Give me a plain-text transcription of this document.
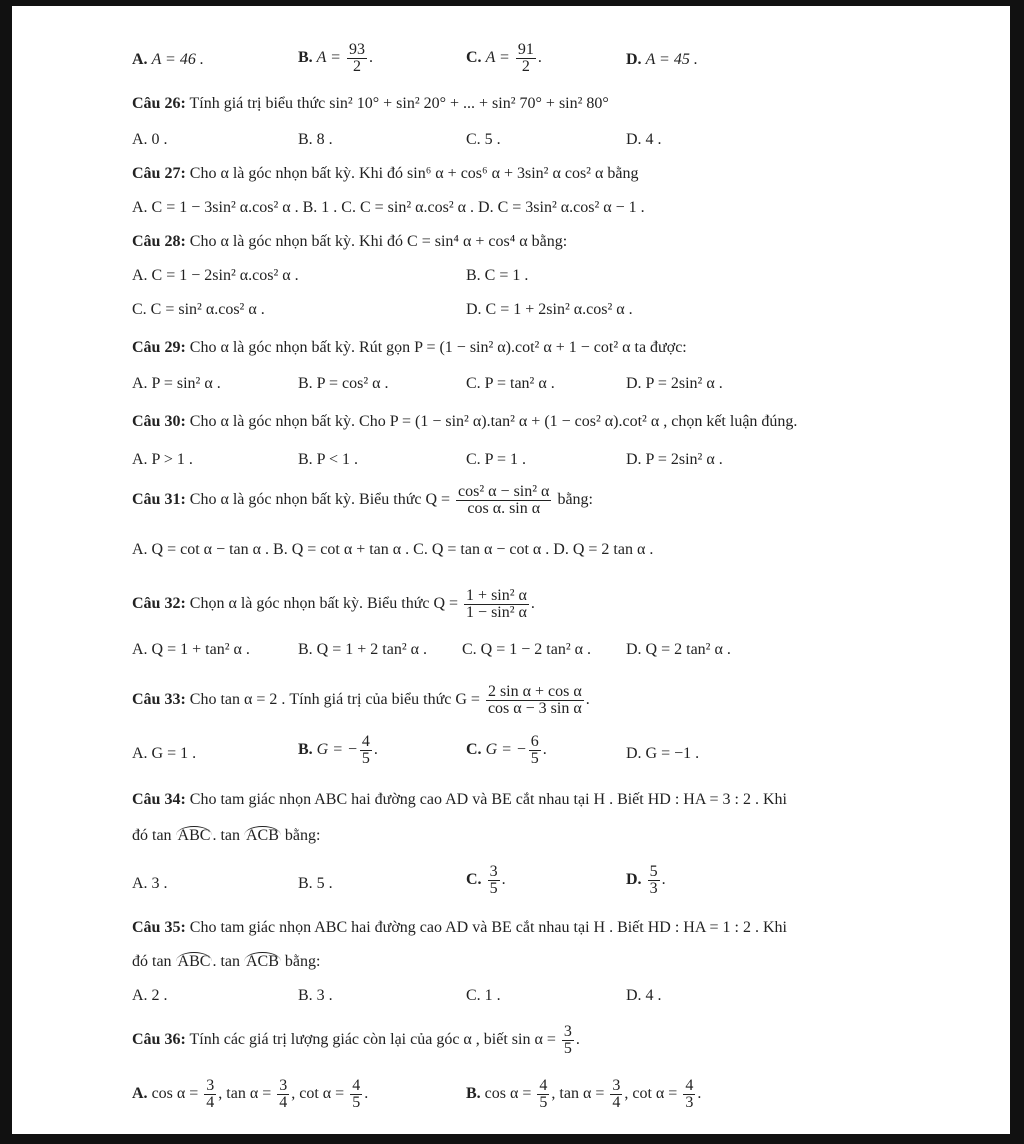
A. A = 46 .	B. $A = \frac{93}{2}$ .	C. $A = \frac{91}{2}$ .	D. A = 45 .
Câu 26: Tính giá trị biểu thức sin² 10° + sin² 20° + ... + sin² 70° + sin² 80°
A. 0 .	B. 8 .	C. 5 .	D. 4 .
Câu 27: Cho α là góc nhọn bất kỳ. Khi đó sin⁶ α + cos⁶ α + 3sin² α cos² α bằng
A. C = 1 − 3sin² α.cos² α . B. 1 . C. C = sin² α.cos² α . D. C = 3sin² α.cos² α − 1 .
Câu 28: Cho α là góc nhọn bất kỳ. Khi đó C = sin⁴ α + cos⁴ α bằng:
A. C = 1 − 2sin² α.cos² α .	B. C = 1 .
C. C = sin² α.cos² α .	D. C = 1 + 2sin² α.cos² α .
Câu 29: Cho α là góc nhọn bất kỳ. Rút gọn P = (1 − sin² α).cot² α + 1 − cot² α ta được:
A. P = sin² α .	B. P = cos² α .	C. P = tan² α .	D. P = 2sin² α .
Câu 30: Cho α là góc nhọn bất kỳ. Cho P = (1 − sin² α).tan² α + (1 − cos² α).cot² α , chọn kết luận đúng.
A. P > 1 .	B. P < 1 .	C. P = 1 .	D. P = 2sin² α .
Câu 31: Cho α là góc nhọn bất kỳ. Biểu thức $Q = \frac{\text{cos² α − sin² α}}{\text{cos α. sin α}}$ bằng:
A. Q = cot α − tan α . B. Q = cot α + tan α . C. Q = tan α − cot α . D. Q = 2 tan α .
Câu 32: Chọn α là góc nhọn bất kỳ. Biểu thức $Q = \frac{\text{1 + sin² α}}{\text{1 − sin² α}}$ .
A. Q = 1 + tan² α .	B. Q = 1 + 2 tan² α . C. Q = 1 − 2 tan² α . D. Q = 2 tan² α .
Câu 33: Cho tan α = 2 . Tính giá trị của biểu thức $G = \frac{\text{2 sin α + cos α}}{\text{cos α − 3 sin α}}$ .
A. G = 1 .	B. G = − $\frac{4}{5}$ .	C. G = − $\frac{6}{5}$ .	D. G = −1 .
Câu 34: Cho tam giác nhọn ABC hai đường cao AD và BE cắt nhau tại H . Biết HD : HA = 3 : 2 . Khi
đó tan ABC . tan ACB bằng:
A. 3 .	B. 5 .	C. $\frac{3}{5}$ .	D. $\frac{5}{3}$ .
Câu 35: Cho tam giác nhọn ABC hai đường cao AD và BE cắt nhau tại H . Biết HD : HA = 1 : 2 . Khi
đó tan ABC . tan ACB bằng:
A. 2 .	B. 3 .	C. 1 .	D. 4 .
Câu 36: Tính các giá trị lượng giác còn lại của góc α , biết $\sin \alpha = \frac{3}{5}$ .
A. $\cos \alpha = \frac{3}{4}$ , $\tan \alpha = \frac{3}{4}$ , $\cot \alpha = \frac{4}{5}$ .	B. $\cos \alpha = \frac{4}{5}$ , $\tan \alpha = \frac{3}{4}$ , $\cot \alpha = \frac{4}{3}$ .
